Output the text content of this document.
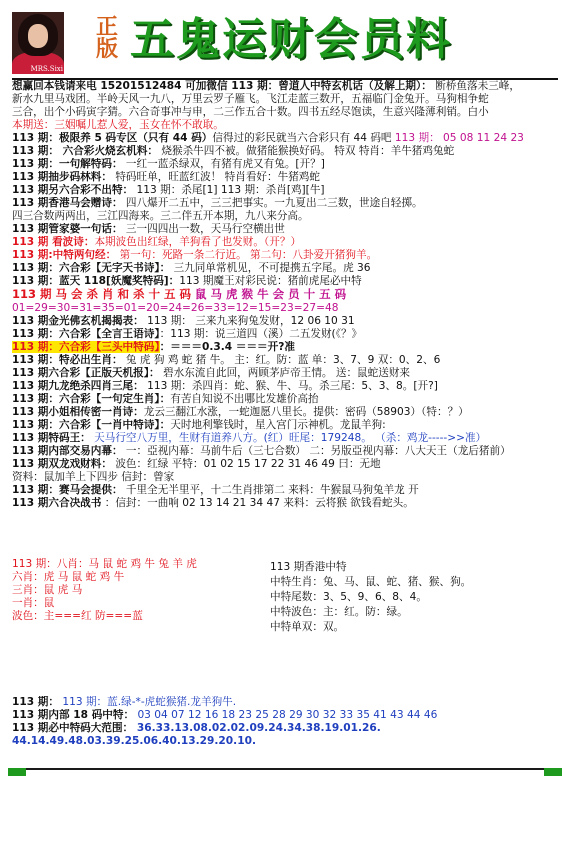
MRS.Sixi
正
版 五鬼运财会员料
想赢回本钱请来电 15201512484 可加微信 113 期：曾道人中特玄机话（及解上期）： 断桥鱼落未三峰，
新水九里马戏团。半岭天风一九八，万里云罗子雁飞。飞江走蓝三数开，五福临门金兔开。马狗相争蛇
三合，出个小码寅字猜。六合奇事冲与申，二三作五合十数。四书五经尽饱读，生意兴隆薄利销。白小
本期送：三姻嘱儿惹人爱，玉女在怀不敢取。
113 期：极限养 5 码专区（只有 44 码）信得过的彩民就当六合彩只有 44 码吧 113 期： 05 08 11 24 23
113 期： 六合彩火烧玄机料： 烧猴杀牛四不被。做猪能猴换好码。 特双 特肖：羊牛猪鸡兔蛇
113 期：一句解特码： 一红一蓝杀绿双，有猪有虎又有兔。[开？]
113 期抽步码林料： 特码旺单，旺蓝红波！ 特肖看好：牛猪鸡蛇
113 期另六合彩不出特： 113 期：杀尾[1] 113 期：杀肖[鸡][牛]
113 期香港马会赠诗： 四八爆开二五中，三三把事实。一九夏出二三数，世途自轻掷。
四三合数两两出，三江四海来。三二伴五开本期，九八来分高。
113 期管家婆一句话： 三一四四出一数，天马行空横出世
113 期 看波诗：本期波色出红绿，羊狗看了也发财。（开？）
113 期:中特两句经： 第一句：死路一条二行近。 第二句：八卦爱开猪狗羊。
113 期：六合彩【无字天书诗】： 三九同单常机见，不可提携五字尾。虎 36
113 期：蓝天 118[妖魔奖特码]：113 期魔王对彩民说：猪前虎尾必中特
113 期 马 会 杀 肖 和 杀 十 五 码 鼠 马 虎 猴 牛 会 员 十 五 码
01=29=30=31=35=01=20=24=26=33=12=15=23=27=48
113 期金光佛玄机揭揭表： 113 期： 三来九来狗兔发财，12 06 10 31
113 期：六合彩【全言王语诗】：113 期：说三道四（溪）二五发财(《？》
113 期：六合彩【三头中特码】：＝＝＝0.3.4 ＝＝＝开?准
113 期：特必出生肖： 兔 虎 狗 鸡 蛇 猪 牛。 主：红。防：蓝 单：3、7、9 双：0、2、6
113 期六合彩【正版天机报】： 碧水东流自此回，两顾茅庐帝王情。 送：鼠蛇送财来
113 期九龙绝杀四肖三尾： 113 期：杀四肖：蛇、猴、牛、马。杀三尾：5、3、8。[开?]
113 期：六合彩【一句定生肖】：有苦自知说不出哪比发雄价高抬
113 期小姐相传密一肖诗：龙云三翻江水涨，一蛇迦愿八里长。提供：密码（58903）（特：？）
113 期：六合彩【一肖中特诗】：天时地利擎钱时，星入宫门示神机。龙鼠羊狗:
113 期特码王： 天马行空八万里，生财有道养八方。(红）旺尾：179248。 （杀：鸡龙----->>准）
113 期内部交易内幕： 一：亞视内幕：马前牛后（三七合数） 二：另版亞视内幕：八大天王（龙后猪前）
113 期双龙戏财料： 波色：红绿 平特：01 02 15 17 22 31 46 49 曰：无地
资料：鼠加羊上下四步 信封：曾家
113 期：赛马会提供： 千里全无半里平，十二生肖排第二 来料：牛猴鼠马狗兔羊龙 开
113 期六合决战书 ：信封：一曲响 02 13 14 21 34 47 来料：云将猴 欲钱看蛇头。
113 期：八肖：马 鼠 蛇 鸡 牛 兔 羊 虎
六肖：虎 马 鼠 蛇 鸡 牛
三肖：鼠 虎 马
一肖：鼠
波色：主===红 防===蓝
113 期香港中特
中特生肖：兔、马、鼠、蛇、猪、猴、狗。
中特尾数：3、5、9、6、8、4。
中特波色：主：红。防：绿。
中特单双：双。
113 期： 113 期：蓝.绿-*-虎蛇猴猪.龙羊狗牛.
113 期内部 18 码中特： 03 04 07 12 16 18 23 25 28 29 30 32 33 35 41 43 44 46
113 期必中特码大范围： 36.33.13.08.02.02.09.24.34.38.19.01.26.
44.14.49.48.03.39.25.06.40.13.29.20.10.
